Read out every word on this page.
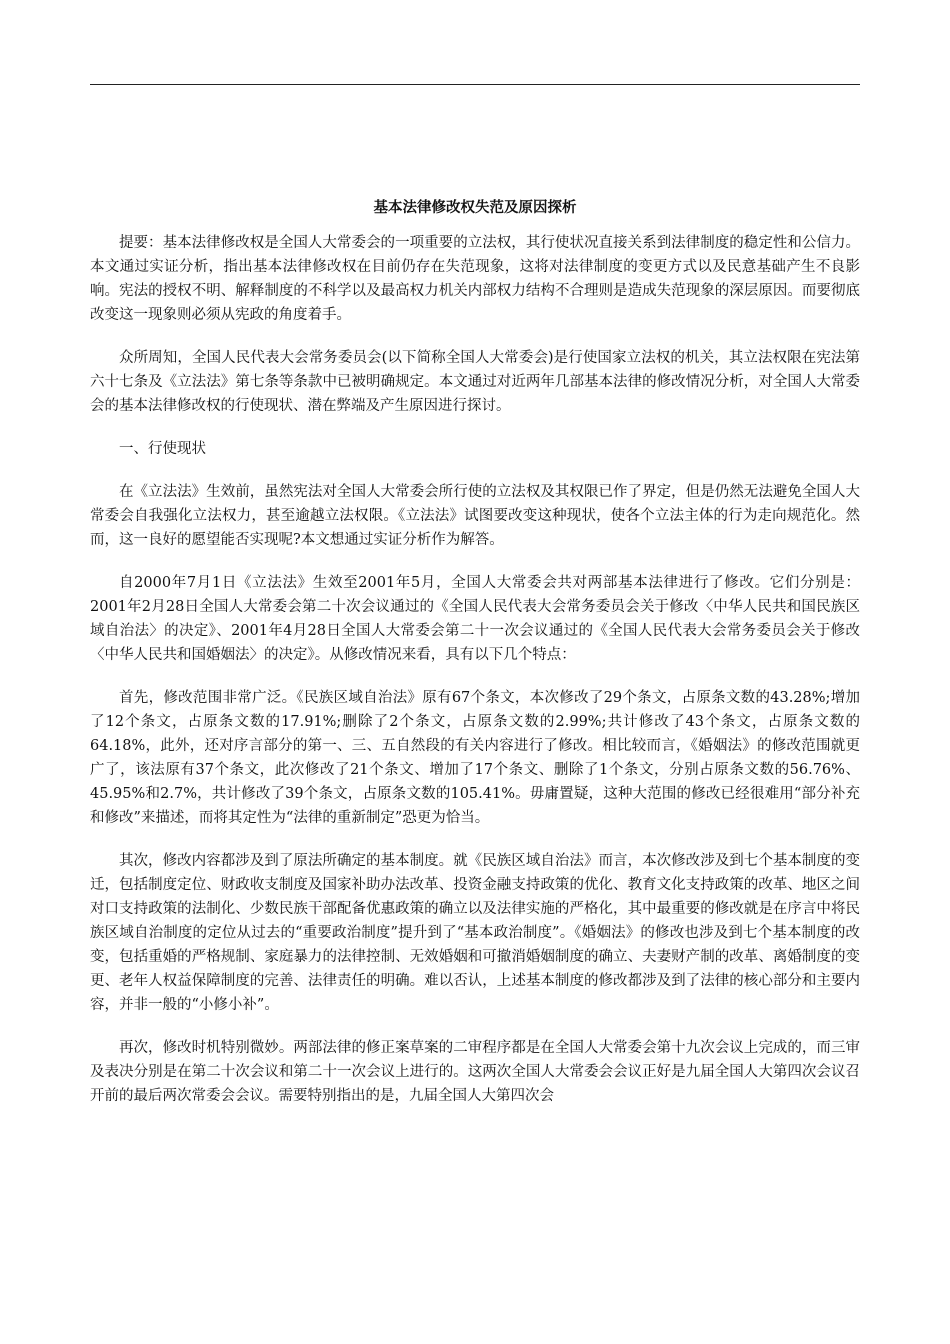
基本法律修改权失范及原因探析

提要：基本法律修改权是全国人大常委会的一项重要的立法权，其行使状况直接关系到法律制度的稳定性和公信力。本文通过实证分析，指出基本法律修改权在目前仍存在失范现象，这将对法律制度的变更方式以及民意基础产生不良影响。宪法的授权不明、解释制度的不科学以及最高权力机关内部权力结构不合理则是造成失范现象的深层原因。而要彻底改变这一现象则必须从宪政的角度着手。

众所周知，全国人民代表大会常务委员会(以下简称全国人大常委会)是行使国家立法权的机关，其立法权限在宪法第六十七条及《立法法》第七条等条款中已被明确规定。本文通过对近两年几部基本法律的修改情况分析，对全国人大常委会的基本法律修改权的行使现状、潜在弊端及产生原因进行探讨。

一、行使现状

在《立法法》生效前，虽然宪法对全国人大常委会所行使的立法权及其权限已作了界定，但是仍然无法避免全国人大常委会自我强化立法权力，甚至逾越立法权限。《立法法》试图要改变这种现状，使各个立法主体的行为走向规范化。然而，这一良好的愿望能否实现呢?本文想通过实证分析作为解答。

自2000年7月1日《立法法》生效至2001年5月，全国人大常委会共对两部基本法律进行了修改。它们分别是：2001年2月28日全国人大常委会第二十次会议通过的《全国人民代表大会常务委员会关于修改〈中华人民共和国民族区域自治法〉的决定》、2001年4月28日全国人大常委会第二十一次会议通过的《全国人民代表大会常务委员会关于修改〈中华人民共和国婚姻法〉的决定》。从修改情况来看，具有以下几个特点：

首先，修改范围非常广泛。《民族区域自治法》原有67个条文，本次修改了29个条文，占原条文数的43.28%;增加了12个条文，占原条文数的17.91%;删除了2个条文，占原条文数的2.99%;共计修改了43个条文，占原条文数的64.18%，此外，还对序言部分的第一、三、五自然段的有关内容进行了修改。相比较而言，《婚姻法》的修改范围就更广了，该法原有37个条文，此次修改了21个条文、增加了17个条文、删除了1个条文，分别占原条文数的56.76%、45.95%和2.7%，共计修改了39个条文，占原条文数的105.41%。毋庸置疑，这种大范围的修改已经很难用“部分补充和修改”来描述，而将其定性为“法律的重新制定”恐更为恰当。

其次，修改内容都涉及到了原法所确定的基本制度。就《民族区域自治法》而言，本次修改涉及到七个基本制度的变迁，包括制度定位、财政收支制度及国家补助办法改革、投资金融支持政策的优化、教育文化支持政策的改革、地区之间对口支持政策的法制化、少数民族干部配备优惠政策的确立以及法律实施的严格化，其中最重要的修改就是在序言中将民族区域自治制度的定位从过去的“重要政治制度”提升到了“基本政治制度”。《婚姻法》的修改也涉及到七个基本制度的改变，包括重婚的严格规制、家庭暴力的法律控制、无效婚姻和可撤消婚姻制度的确立、夫妻财产制的改革、离婚制度的变更、老年人权益保障制度的完善、法律责任的明确。难以否认，上述基本制度的修改都涉及到了法律的核心部分和主要内容，并非一般的“小修小补”。

再次，修改时机特别微妙。两部法律的修正案草案的二审程序都是在全国人大常委会第十九次会议上完成的，而三审及表决分别是在第二十次会议和第二十一次会议上进行的。这两次全国人大常委会会议正好是九届全国人大第四次会议召开前的最后两次常委会会议。需要特别指出的是，九届全国人大第四次会
